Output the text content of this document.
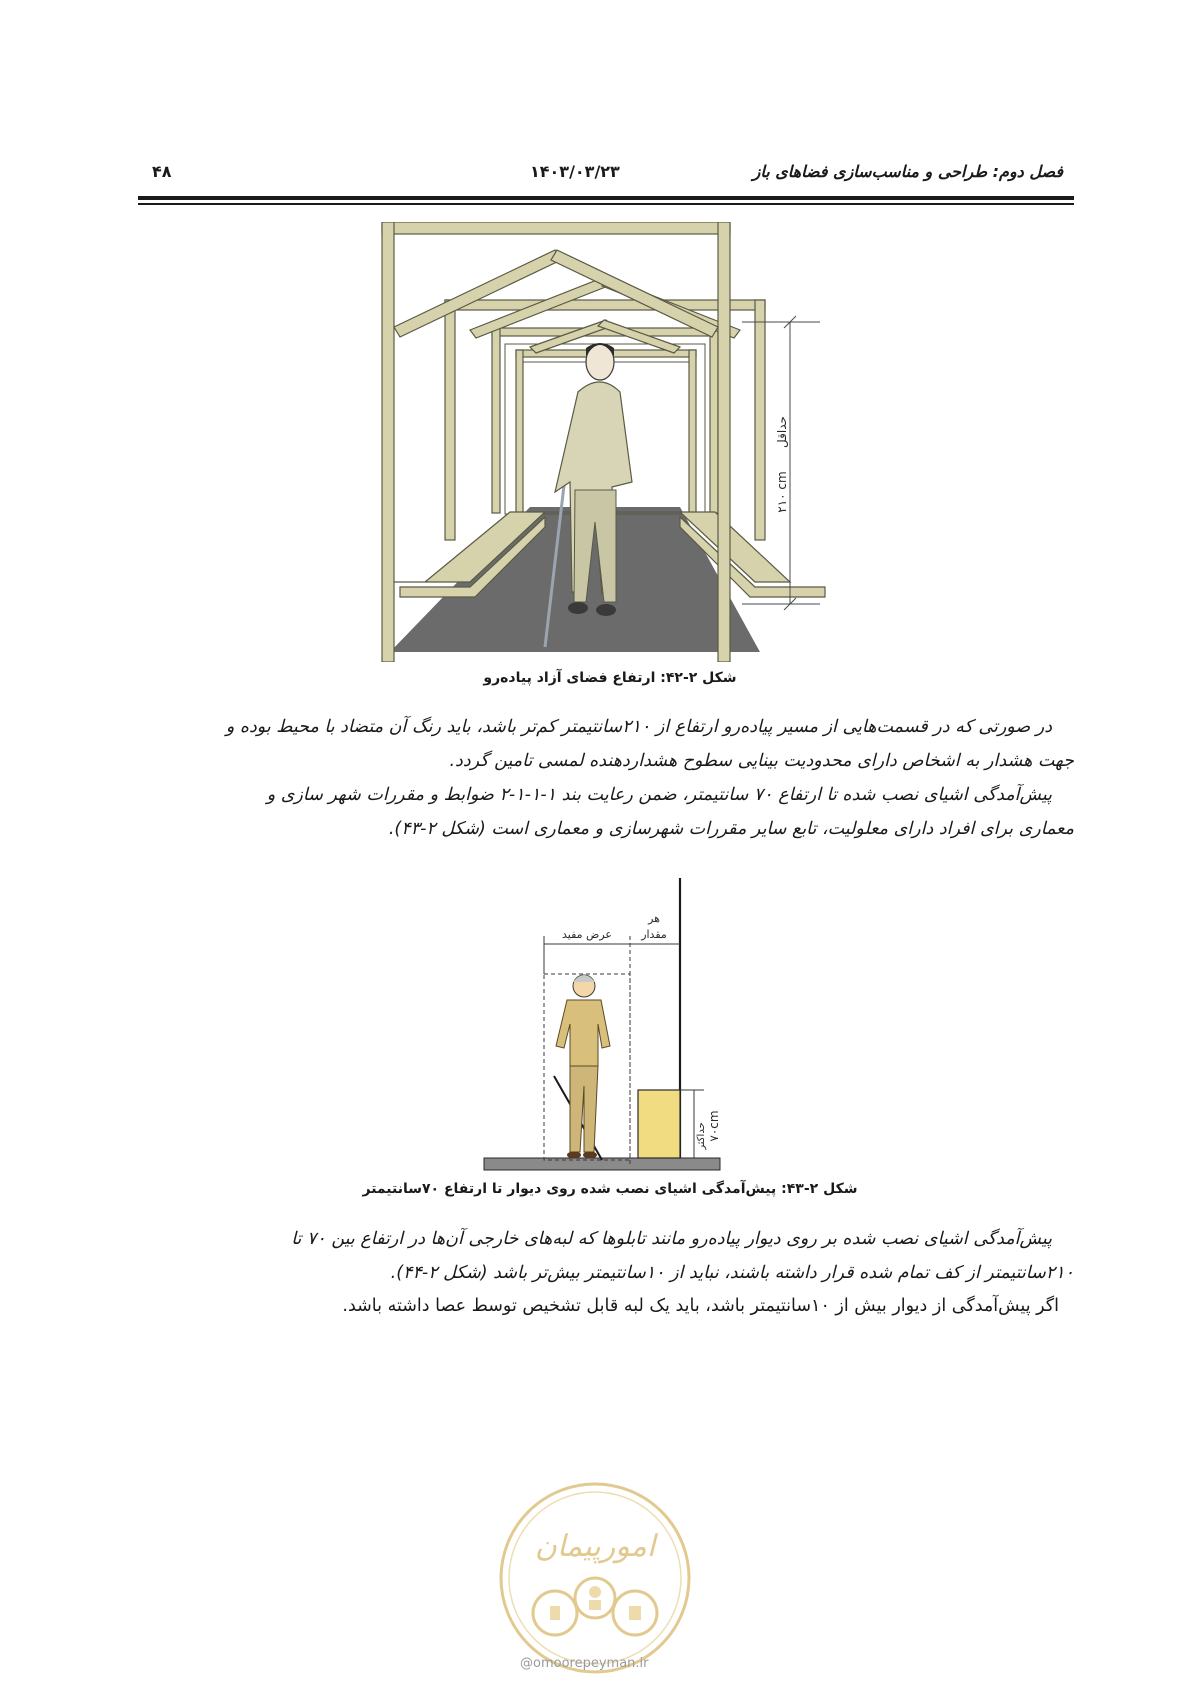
فصل دوم: طراحی و مناسب‌سازی فضاهای باز
۱۴۰۳/۰۳/۲۳
۴۸
حداقل
۲۱۰ cm
شکل ۲-۴۲: ارتفاع فضای آزاد پیاده‌رو

در صورتی که در قسمت‌هایی از مسیر پیاده‌رو ارتفاع از ۲۱۰سانتیمتر کم‌تر باشد، باید رنگ آن متضاد با محیط بوده و

جهت هشدار به اشخاص دارای محدودیت بینایی سطوح هشداردهنده لمسی تامین گردد.

پیش‌آمدگی اشیای نصب شده تا ارتفاع ۷۰ سانتیمتر، ضمن رعایت بند ۱-۱-۱-۲ ضوابط و مقررات شهر سازی و

معماری برای افراد دارای معلولیت، تابع سایر مقررات شهرسازی و معماری است (شکل ۲-۴۳).

عرض مفید
هر
مقدار
حداکثر ۷۰cm
شکل ۲-۴۳: پیش‌آمدگی اشیای نصب شده روی دیوار تا ارتفاع ۷۰سانتیمتر

پیش‌آمدگی اشیای نصب شده بر روی دیوار پیاده‌رو مانند تابلوها که لبه‌های خارجی آن‌ها در ارتفاع بین ۷۰ تا

۲۱۰سانتیمتر از کف تمام شده قرار داشته باشند، نباید از ۱۰سانتیمتر بیش‌تر باشد (شکل ۲-۴۴).

اگر پیش‌آمدگی از دیوار بیش از ۱۰سانتیمتر باشد، باید یک لبه قابل تشخیص توسط عصا داشته باشد.
امورپیمان
@omoorepeyman.ir
